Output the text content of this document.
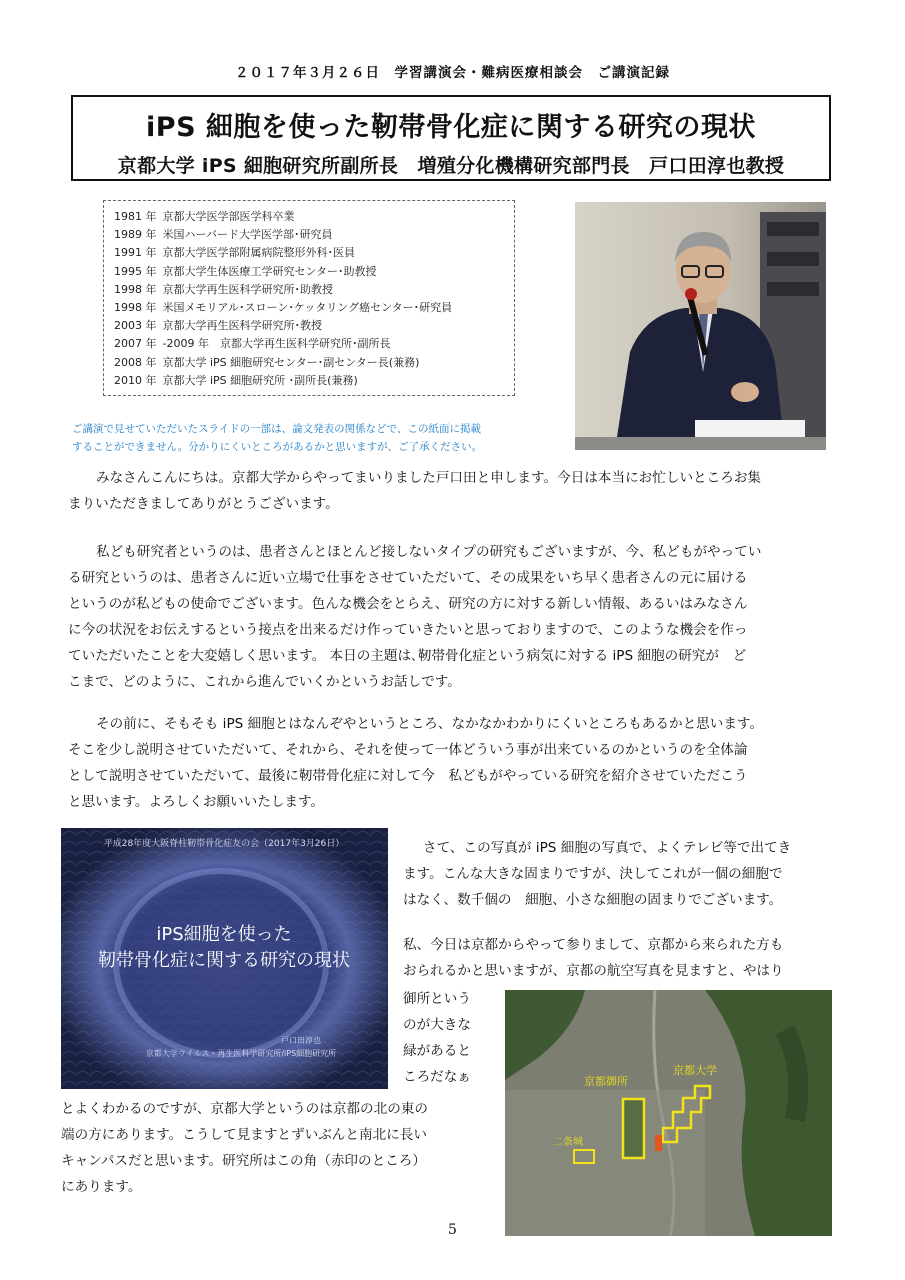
２０１７年３月２６日　学習講演会・難病医療相談会　ご講演記録
iPS 細胞を使った靭帯骨化症に関する研究の現状
京都大学 iPS 細胞研究所副所長　増殖分化機構研究部門長　戸口田淳也教授
1981 年 京都大学医学部医学科卒業
1989 年 米国ハーバード大学医学部･研究員
1991 年 京都大学医学部附属病院整形外科･医員
1995 年 京都大学生体医療工学研究センター･助教授
1998 年 京都大学再生医科学研究所･助教授
1998 年 米国メモリアル･スローン･ケッタリング癌センター･研究員
2003 年 京都大学再生医科学研究所･教授
2007 年 -2009 年　京都大学再生医科学研究所･副所長
2008 年 京都大学 iPS 細胞研究センター･副センター長(兼務)
2010 年 京都大学 iPS 細胞研究所 ･副所長(兼務)
ご講演で見せていただいたスライドの一部は、論文発表の関係などで、この紙面に掲載
することができません。分かりにくいところがあるかと思いますが、ご了承ください。
みなさんこんにちは。京都大学からやってまいりました戸口田と申します。今日は本当にお忙しいところお集
まりいただきましてありがとうございます。
私ども研究者というのは、患者さんとほとんど接しないタイプの研究もございますが、今、私どもがやってい
る研究というのは、患者さんに近い立場で仕事をさせていただいて、その成果をいち早く患者さんの元に届ける
というのが私どもの使命でございます。色んな機会をとらえ、研究の方に対する新しい情報、あるいはみなさん
に今の状況をお伝えするという接点を出来るだけ作っていきたいと思っておりますので、このような機会を作っ
ていただいたことを大変嬉しく思います。 本日の主題は､靭帯骨化症という病気に対する iPS 細胞の研究が　ど
こまで、どのように、これから進んでいくかというお話しです。
その前に、そもそも iPS 細胞とはなんぞやというところ、なかなかわかりにくいところもあるかと思います。
そこを少し説明させていただいて、それから、それを使って一体どういう事が出来ているのかというのを全体論
として説明させていただいて、最後に靭帯骨化症に対して今　私どもがやっている研究を紹介させていただこう
と思います。よろしくお願いいたします。
平成28年度大阪脊柱靭帯骨化症友の会（2017年3月26日）
iPS細胞を使った
靭帯骨化症に関する研究の現状
戸口田淳也
京都大学ウイルス・再生医科学研究所/iPS細胞研究所
さて、この写真が iPS 細胞の写真で、よくテレビ等で出てき
ます。こんな大きな固まりですが、決してこれが一個の細胞で
はなく、数千個の　細胞、小さな細胞の固まりでございます。
私、今日は京都からやって参りまして、京都から来られた方も
おられるかと思いますが、京都の航空写真を見ますと、やはり
御所という
のが大きな
緑があると
ころだなぁ
とよくわかるのですが、京都大学というのは京都の北の東の
端の方にあります。こうして見ますとずいぶんと南北に長い
キャンパスだと思います。研究所はこの角（赤印のところ）
にあります。
京都御所
京都大学
二条城
5
